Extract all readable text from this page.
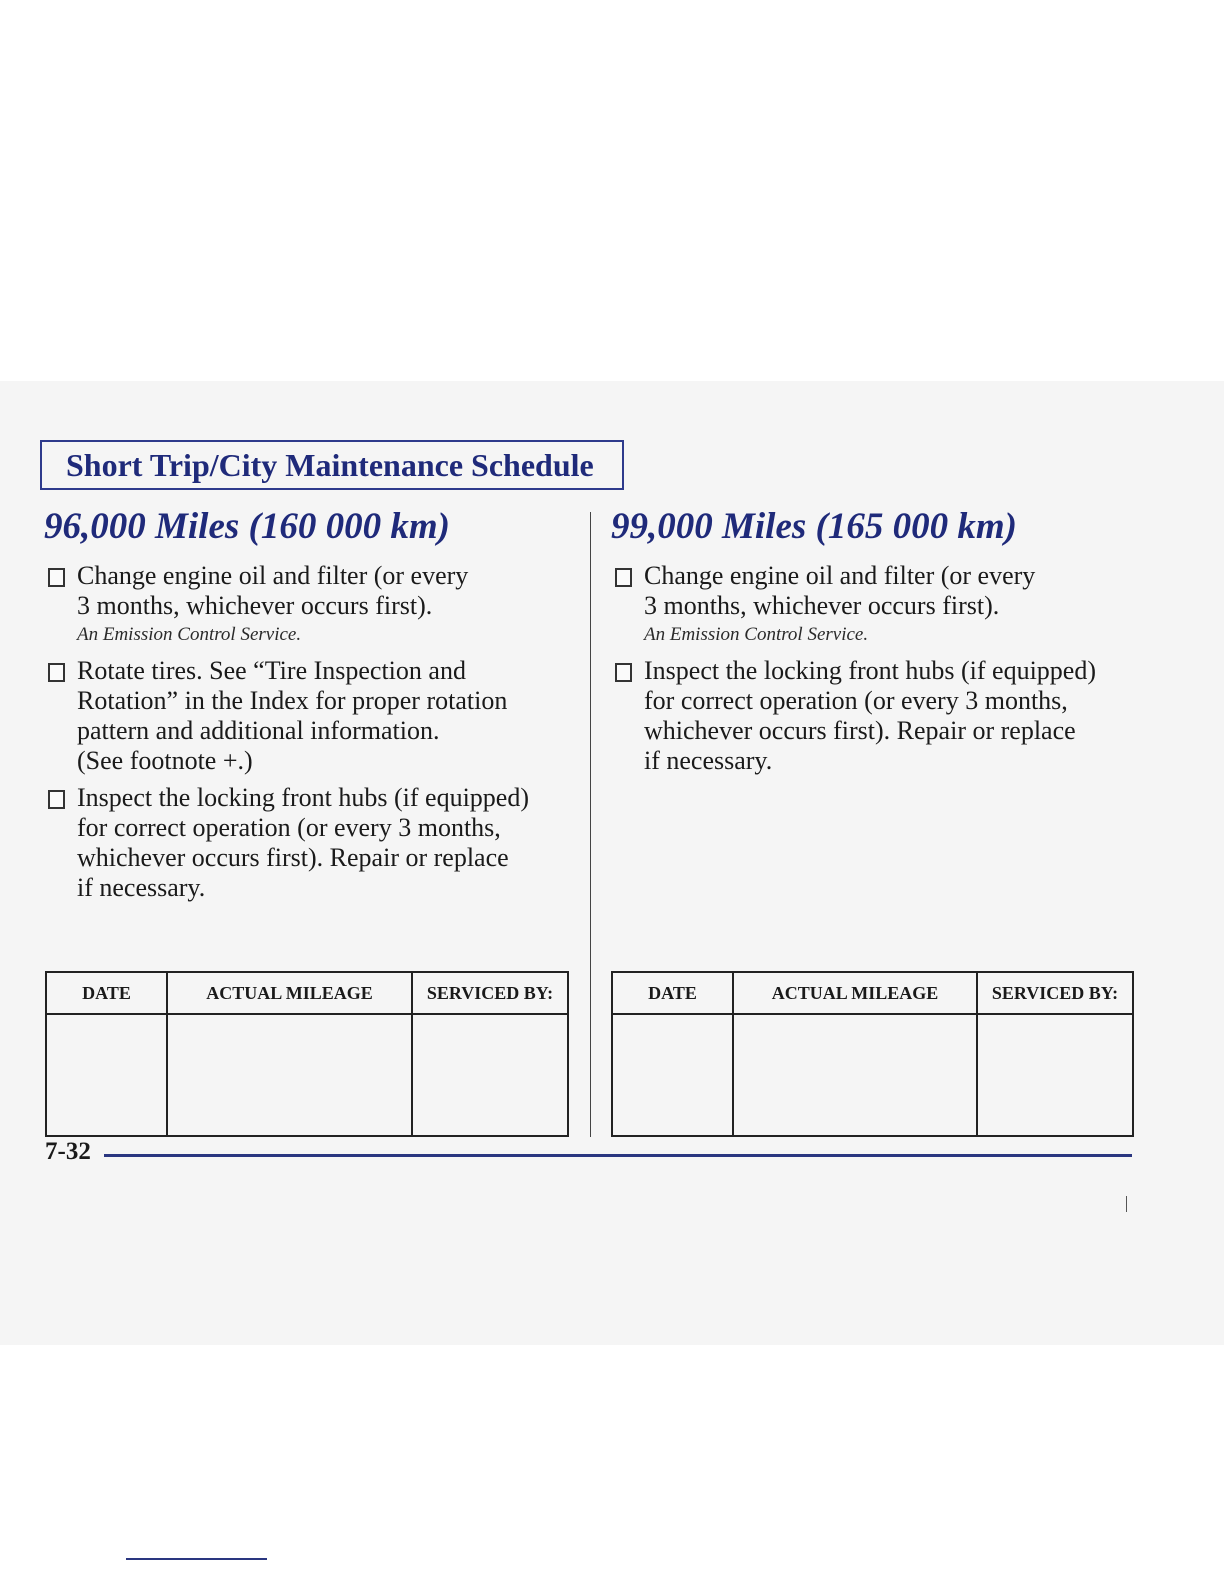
Short Trip/City Maintenance Schedule
96,000 Miles (160 000 km)
Change engine oil and filter (or every
3 months, whichever occurs first).
An Emission Control Service.
Rotate tires. See “Tire Inspection and
Rotation” in the Index for proper rotation
pattern and additional information.
(See footnote +.)
Inspect the locking front hubs (if equipped)
for correct operation (or every 3 months,
whichever occurs first). Repair or replace
if necessary.
99,000 Miles (165 000 km)
Change engine oil and filter (or every
3 months, whichever occurs first).
An Emission Control Service.
Inspect the locking front hubs (if equipped)
for correct operation (or every 3 months,
whichever occurs first). Repair or replace
if necessary.
DATE	ACTUAL MILEAGE	SERVICED BY:
			DATE	ACTUAL MILEAGE	SERVICED BY:

7-32
